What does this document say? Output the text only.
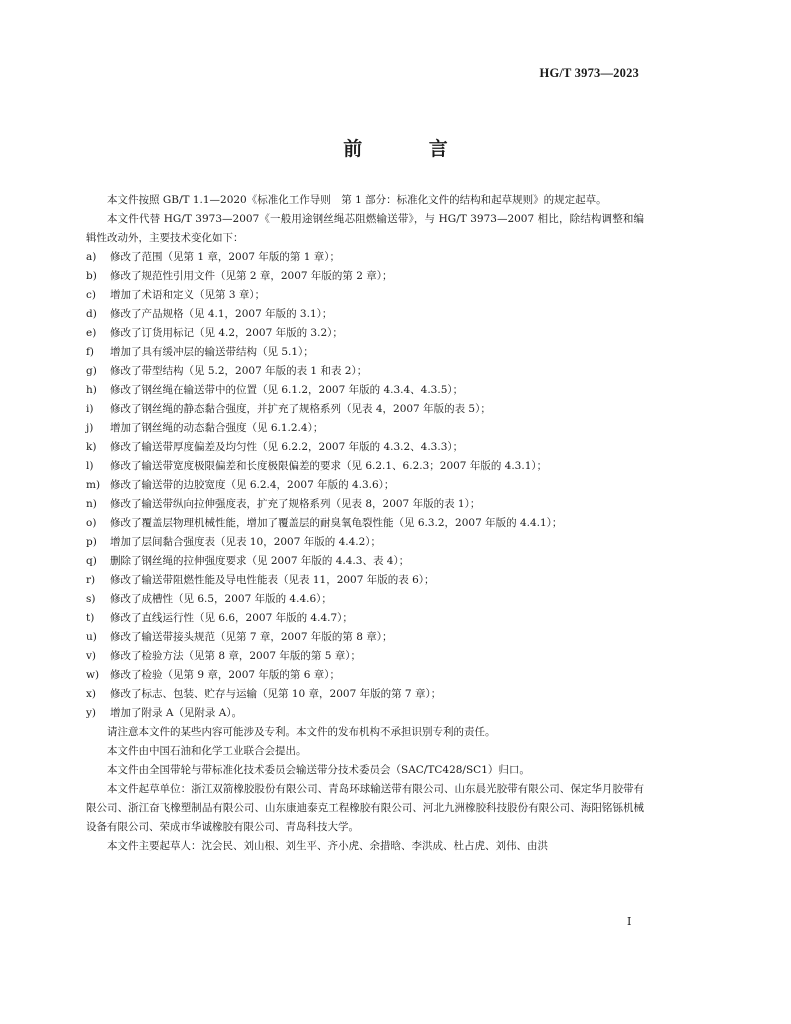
HG/T 3973—2023
前 言

本文件按照 GB/T 1.1—2020《标准化工作导则　第 1 部分：标准化文件的结构和起草规则》的规定起草。

本文件代替 HG/T 3973—2007《一般用途钢丝绳芯阻燃输送带》，与 HG/T 3973—2007 相比，除结构调整和编辑性改动外，主要技术变化如下：

a) 修改了范围（见第 1 章，2007 年版的第 1 章）；

b) 修改了规范性引用文件（见第 2 章，2007 年版的第 2 章）；

c) 增加了术语和定义（见第 3 章）；

d) 修改了产品规格（见 4.1，2007 年版的 3.1）；

e) 修改了订货用标记（见 4.2，2007 年版的 3.2）；

f) 增加了具有缓冲层的输送带结构（见 5.1）；

g) 修改了带型结构（见 5.2，2007 年版的表 1 和表 2）；

h) 修改了钢丝绳在输送带中的位置（见 6.1.2，2007 年版的 4.3.4、4.3.5）；

i) 修改了钢丝绳的静态黏合强度，并扩充了规格系列（见表 4，2007 年版的表 5）；

j) 增加了钢丝绳的动态黏合强度（见 6.1.2.4）；

k) 修改了输送带厚度偏差及均匀性（见 6.2.2，2007 年版的 4.3.2、4.3.3）；

l) 修改了输送带宽度极限偏差和长度极限偏差的要求（见 6.2.1、6.2.3；2007 年版的 4.3.1）；

m) 修改了输送带的边胶宽度（见 6.2.4，2007 年版的 4.3.6）；

n) 修改了输送带纵向拉伸强度表，扩充了规格系列（见表 8，2007 年版的表 1）；

o) 修改了覆盖层物理机械性能，增加了覆盖层的耐臭氧龟裂性能（见 6.3.2，2007 年版的 4.4.1）；

p) 增加了层间黏合强度表（见表 10，2007 年版的 4.4.2）；

q) 删除了钢丝绳的拉伸强度要求（见 2007 年版的 4.4.3、表 4）；

r) 修改了输送带阻燃性能及导电性能表（见表 11，2007 年版的表 6）；

s) 修改了成槽性（见 6.5，2007 年版的 4.4.6）；

t) 修改了直线运行性（见 6.6，2007 年版的 4.4.7）；

u) 修改了输送带接头规范（见第 7 章，2007 年版的第 8 章）；

v) 修改了检验方法（见第 8 章，2007 年版的第 5 章）；

w) 修改了检验（见第 9 章，2007 年版的第 6 章）；

x) 修改了标志、包装、贮存与运输（见第 10 章，2007 年版的第 7 章）；

y) 增加了附录 A（见附录 A）。

请注意本文件的某些内容可能涉及专利。本文件的发布机构不承担识别专利的责任。

本文件由中国石油和化学工业联合会提出。

本文件由全国带轮与带标准化技术委员会输送带分技术委员会（SAC/TC428/SC1）归口。

本文件起草单位：浙江双箭橡胶股份有限公司、青岛环球输送带有限公司、山东晨光胶带有限公司、保定华月胶带有限公司、浙江奋飞橡塑制品有限公司、山东康迪泰克工程橡胶有限公司、河北九洲橡胶科技股份有限公司、海阳铭铄机械设备有限公司、荣成市华诚橡胶有限公司、青岛科技大学。

本文件主要起草人：沈会民、刘山根、刘生平、齐小虎、余措晗、李洪成、杜占虎、刘伟、由洪

I
